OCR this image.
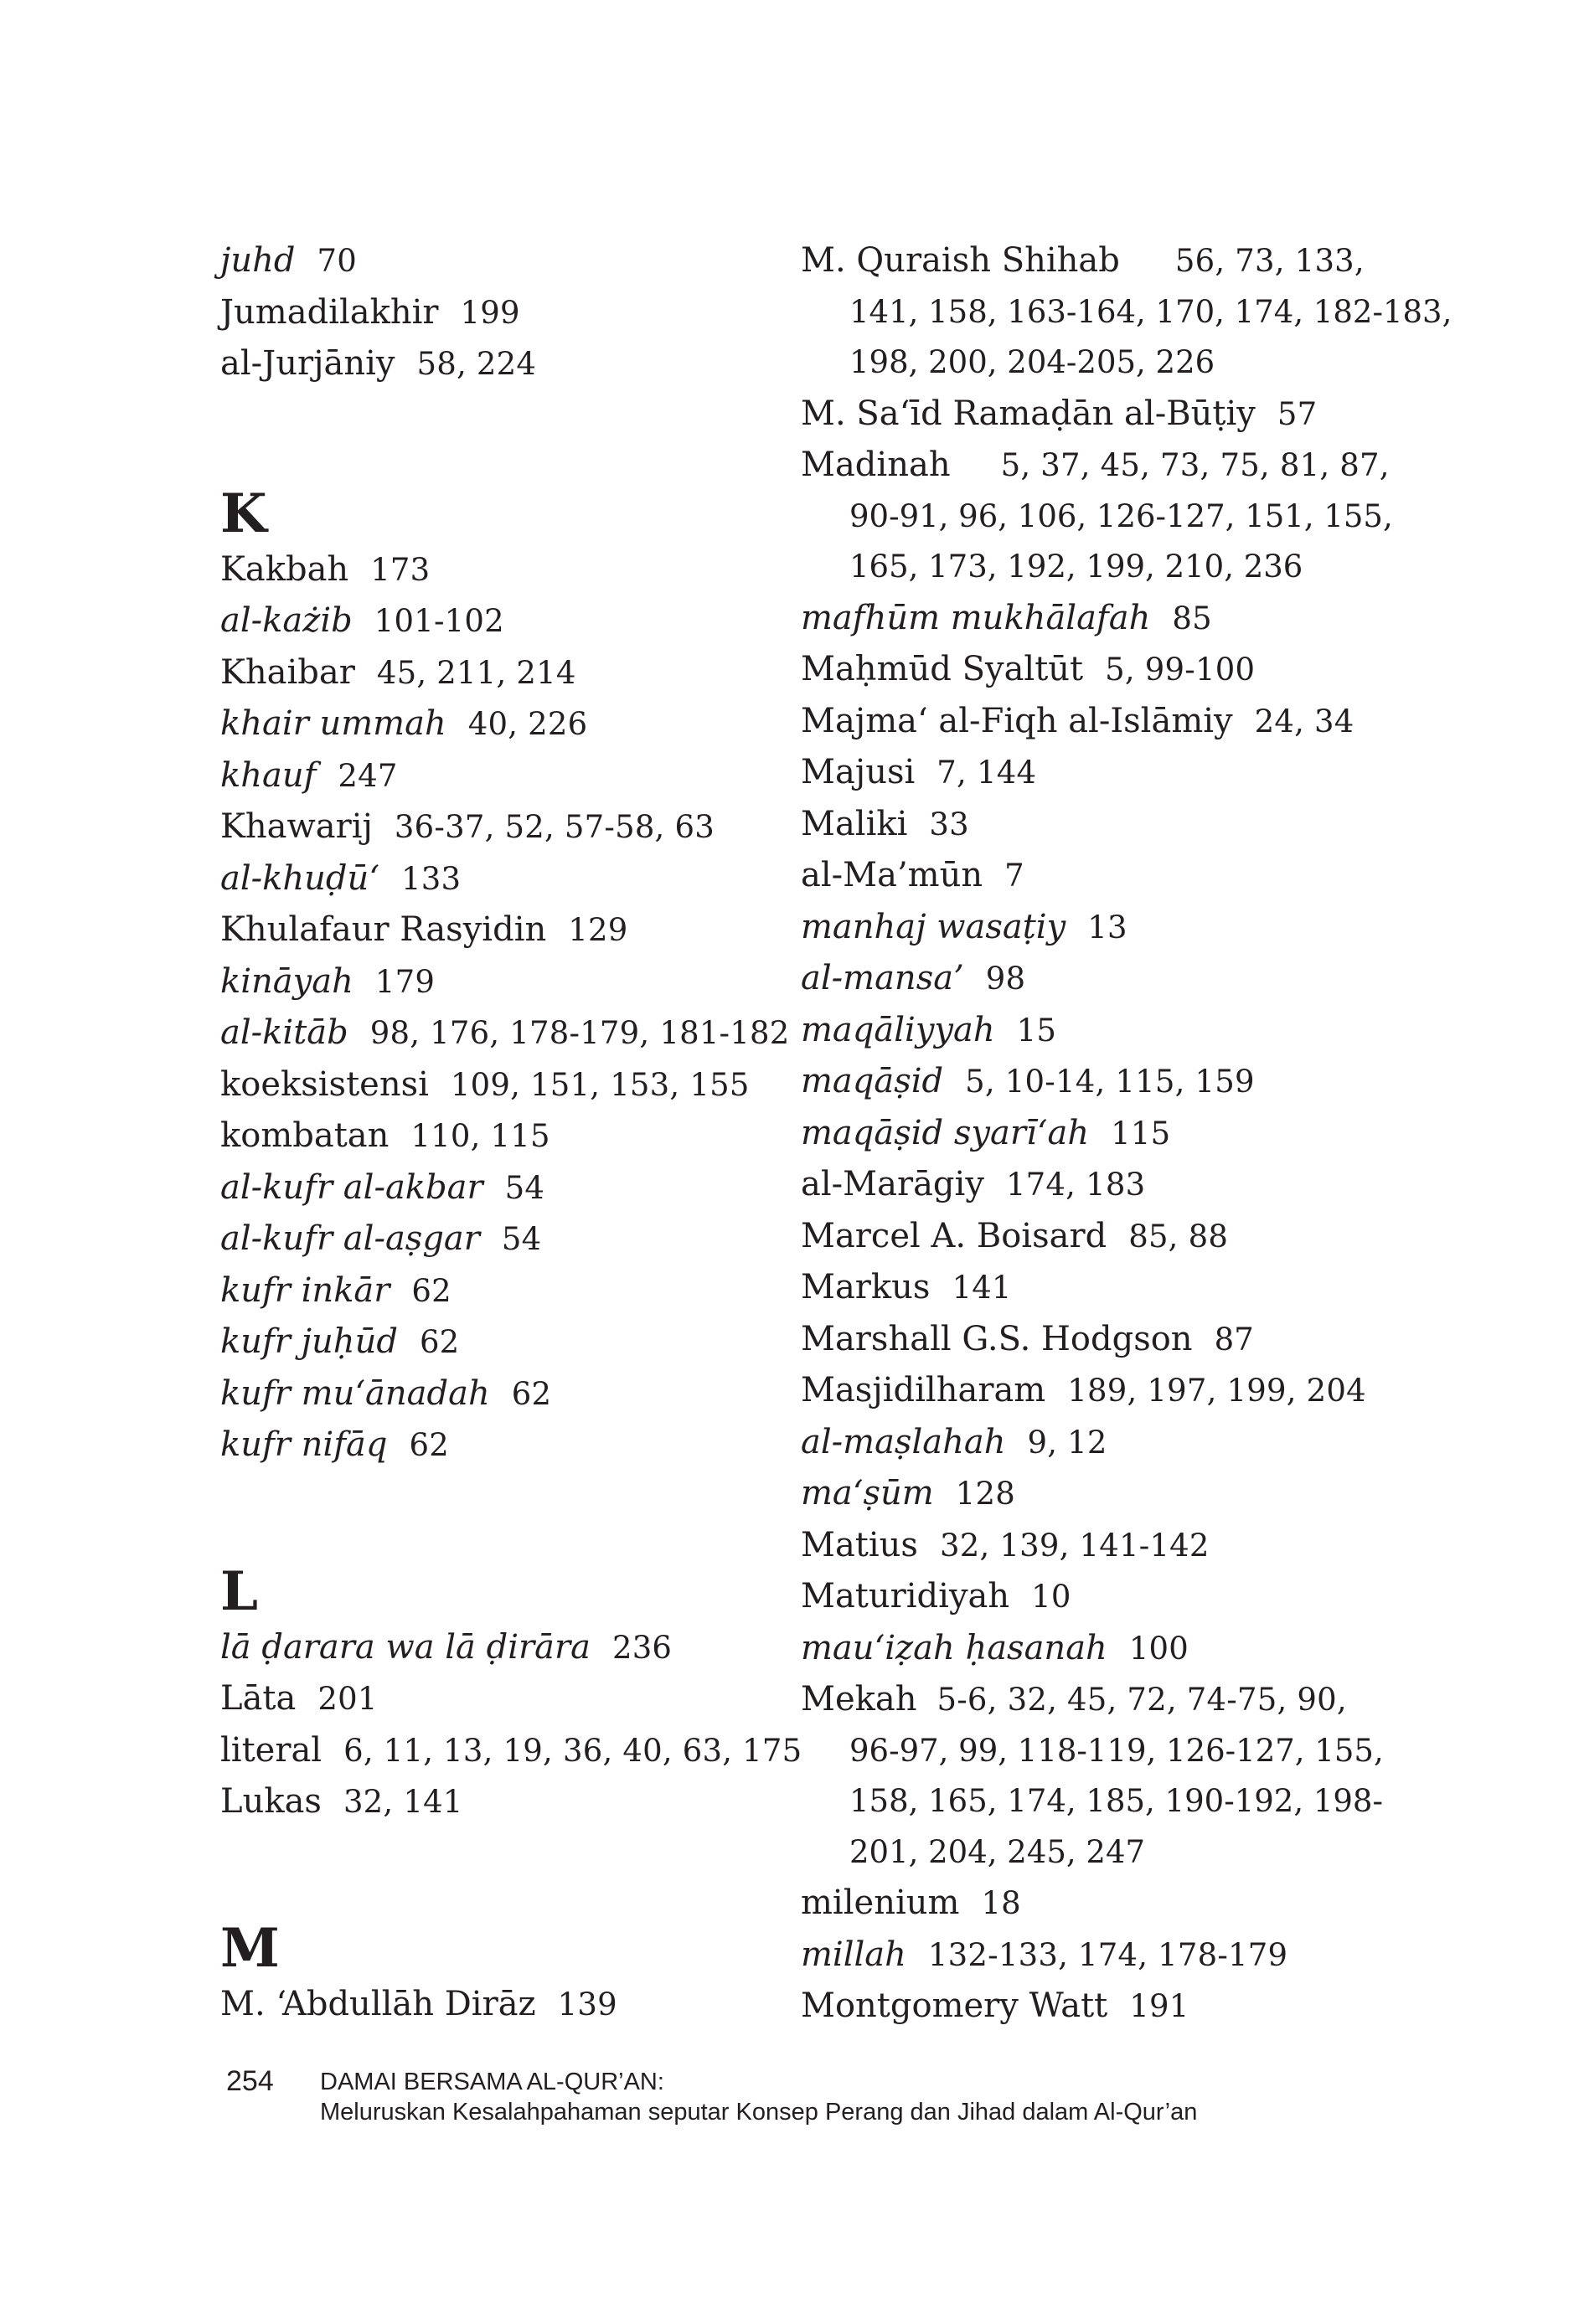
juhd 70
Jumadilakhir 199
al-Jurjāniy 58, 224
K
Kakbah 173
al-każib 101-102
Khaibar 45, 211, 214
khair ummah 40, 226
khauf 247
Khawarij 36-37, 52, 57-58, 63
al-khuḍū‘ 133
Khulafaur Rasyidin 129
kināyah 179
al-kitāb 98, 176, 178-179, 181-182
koeksistensi 109, 151, 153, 155
kombatan 110, 115
al-kufr al-akbar 54
al-kufr al-aṣgar 54
kufr inkār 62
kufr juḥūd 62
kufr mu‘ānadah 62
kufr nifāq 62
L
lā ḍarara wa lā ḍirāra 236
Lāta 201
literal 6, 11, 13, 19, 36, 40, 63, 175
Lukas 32, 141
M
M. ‘Abdullāh Dirāz 139
M. Quraish Shihab 56, 73, 133,
141, 158, 163-164, 170, 174, 182-183,
198, 200, 204-205, 226
M. Sa‘īd Ramaḍān al-Būṭiy 57
Madinah 5, 37, 45, 73, 75, 81, 87,
90-91, 96, 106, 126-127, 151, 155,
165, 173, 192, 199, 210, 236
mafhūm mukhālafah 85
Maḥmūd Syaltūt 5, 99-100
Majma‘ al-Fiqh al-Islāmiy 24, 34
Majusi 7, 144
Maliki 33
al-Ma’mūn 7
manhaj wasaṭiy 13
al-mansa’ 98
maqāliyyah 15
maqāṣid 5, 10-14, 115, 159
maqāṣid syarī‘ah 115
al-Marāgiy 174, 183
Marcel A. Boisard 85, 88
Markus 141
Marshall G.S. Hodgson 87
Masjidilharam 189, 197, 199, 204
al-maṣlahah 9, 12
ma‘ṣūm 128
Matius 32, 139, 141-142
Maturidiyah 10
mau‘iẓah ḥasanah 100
Mekah 5-6, 32, 45, 72, 74-75, 90,
96-97, 99, 118-119, 126-127, 155,
158, 165, 174, 185, 190-192, 198-
201, 204, 245, 247
milenium 18
millah 132-133, 174, 178-179
Montgomery Watt 191
254 DAMAI BERSAMA AL-QUR’AN:
Meluruskan Kesalahpahaman seputar Konsep Perang dan Jihad dalam Al-Qur’an
